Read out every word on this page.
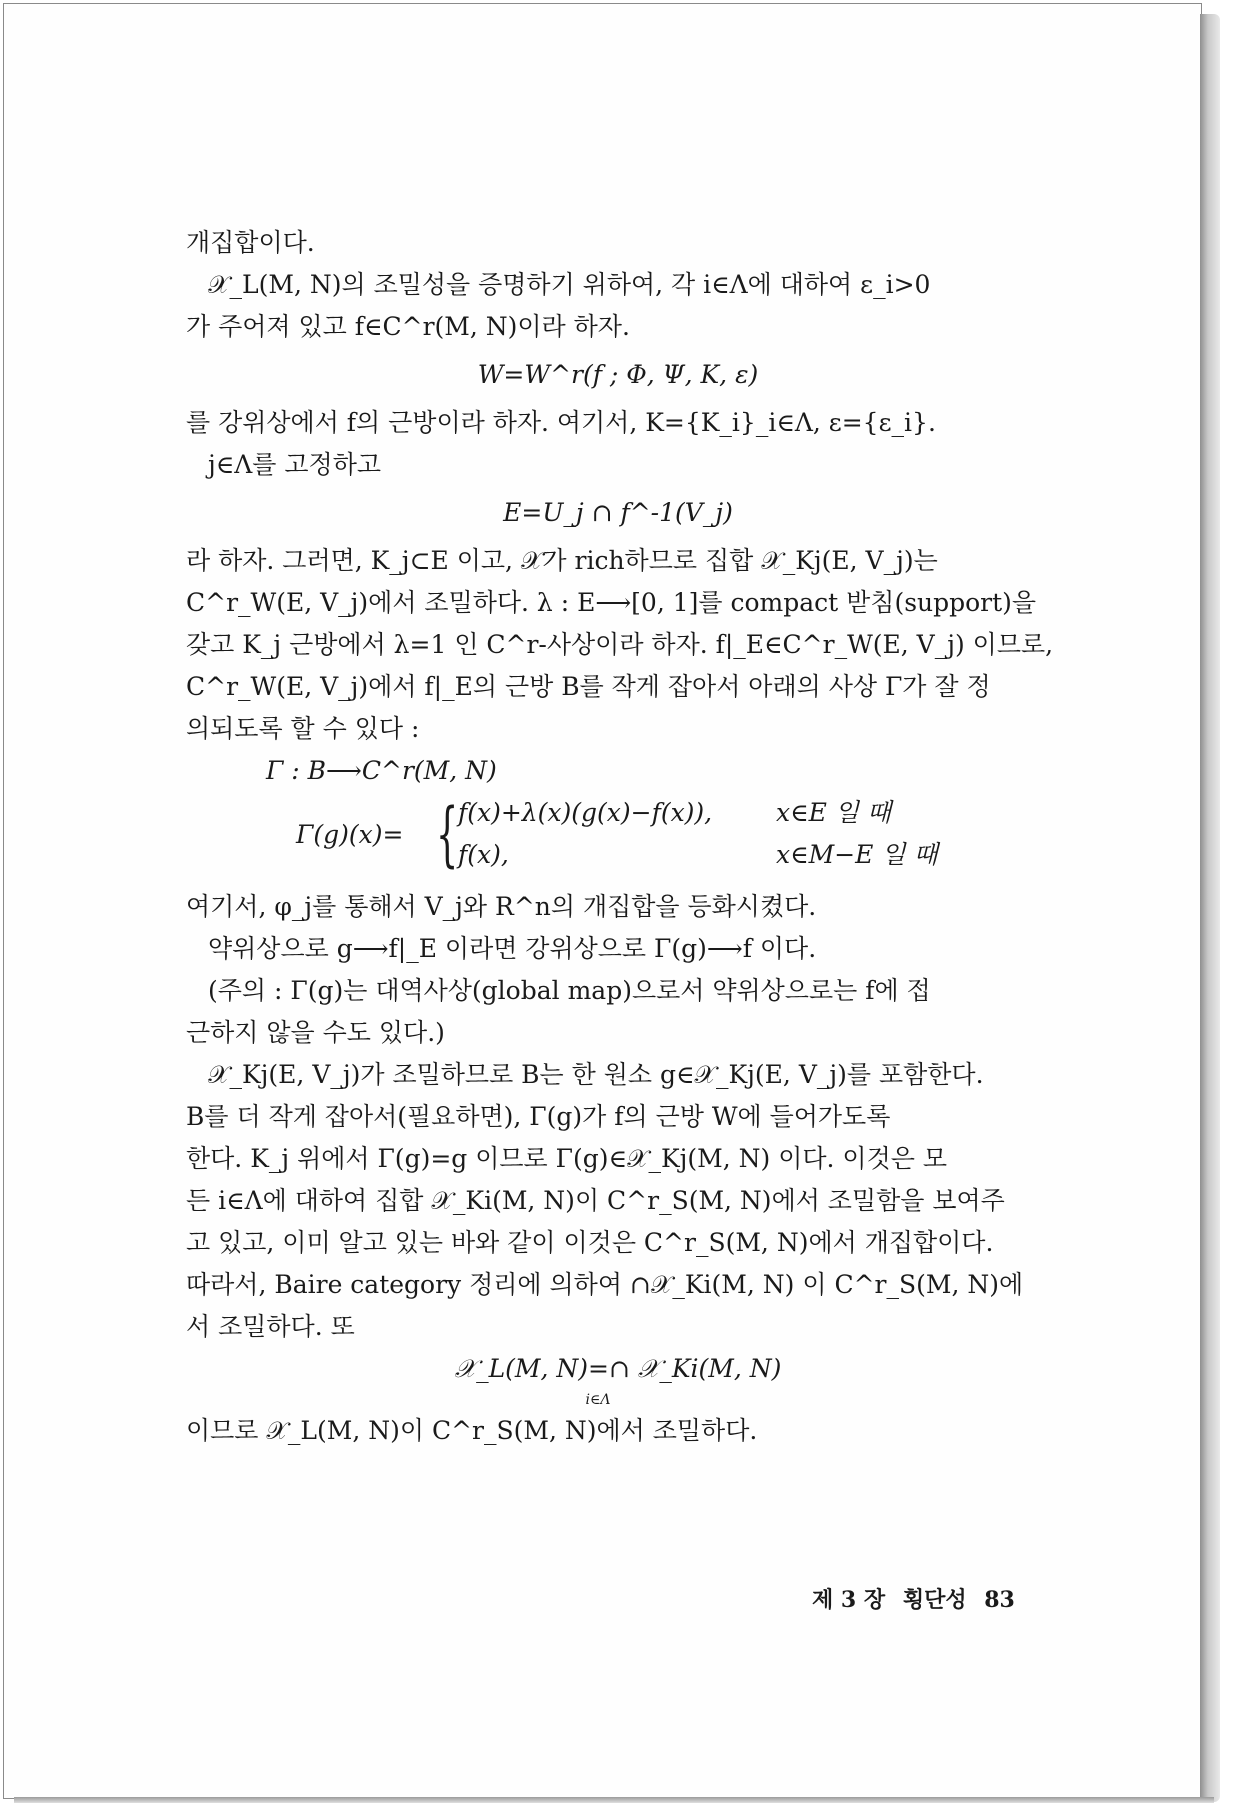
개집합이다.
𝒳_L(M, N)의 조밀성을 증명하기 위하여, 각 i∈Λ에 대하여 ε_i>0
가 주어져 있고 f∈C^r(M, N)이라 하자.
W=W^r(f ; Φ, Ψ, K, ε)
를 강위상에서 f의 근방이라 하자. 여기서, K={K_i}_i∈Λ, ε={ε_i}.
j∈Λ를 고정하고
E=U_j ∩ f^-1(V_j)
라 하자. 그러면, K_j⊂E 이고, 𝒳가 rich하므로 집합 𝒳_Kj(E, V_j)는
C^r_W(E, V_j)에서 조밀하다. λ : E⟶[0, 1]를 compact 받침(support)을
갖고 K_j 근방에서 λ=1 인 C^r-사상이라 하자. f|_E∈C^r_W(E, V_j) 이므로,
C^r_W(E, V_j)에서 f|_E의 근방 B를 작게 잡아서 아래의 사상 Γ가 잘 정
의되도록 할 수 있다 :
Γ : B⟶C^r(M, N)
Γ(g)(x)= { f(x)+λ(x)(g(x)−f(x)),	x∈E 일 때
f(x),	x∈M−E 일 때
여기서, φ_j를 통해서 V_j와 R^n의 개집합을 등화시켰다.
약위상으로 g⟶f|_E 이라면 강위상으로 Γ(g)⟶f 이다.
(주의 : Γ(g)는 대역사상(global map)으로서 약위상으로는 f에 접
근하지 않을 수도 있다.)
𝒳_Kj(E, V_j)가 조밀하므로 B는 한 원소 g∈𝒳_Kj(E, V_j)를 포함한다.
B를 더 작게 잡아서(필요하면), Γ(g)가 f의 근방 W에 들어가도록
한다. K_j 위에서 Γ(g)=g 이므로 Γ(g)∈𝒳_Kj(M, N) 이다. 이것은 모
든 i∈Λ에 대하여 집합 𝒳_Ki(M, N)이 C^r_S(M, N)에서 조밀함을 보여주
고 있고, 이미 알고 있는 바와 같이 이것은 C^r_S(M, N)에서 개집합이다.
따라서, Baire category 정리에 의하여 ∩𝒳_Ki(M, N) 이 C^r_S(M, N)에
서 조밀하다. 또
𝒳_L(M, N)=∩ 𝒳_Ki(M, N)
i∈Λ
이므로 𝒳_L(M, N)이 C^r_S(M, N)에서 조밀하다.
제 3 장 횡단성 83
